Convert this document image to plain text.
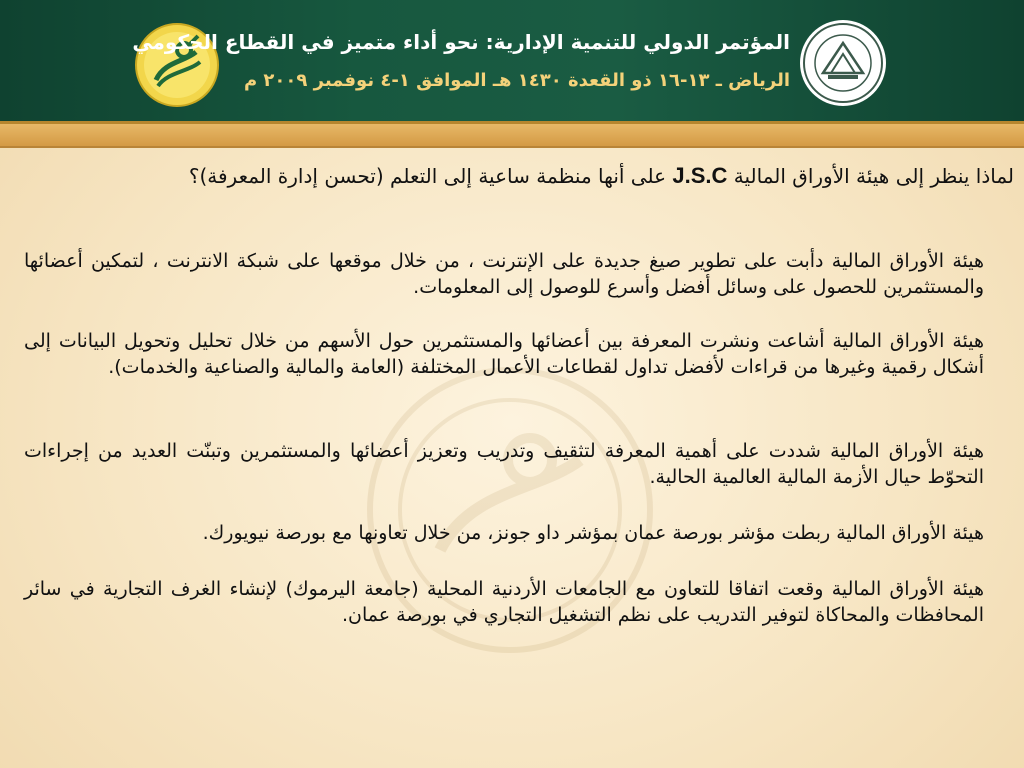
المؤتمر الدولي للتنمية الإدارية: نحو أداء متميز في القطاع الحكومي
الرياض ـ ١٣-١٦ ذو القعدة ١٤٣٠ هـ الموافق ١-٤ نوفمبر ٢٠٠٩ م
لماذا ينظر إلى هيئة الأوراق المالية J.S.C على أنها منظمة ساعية إلى التعلم (تحسن إدارة المعرفة)؟
هيئة الأوراق المالية دأبت على تطوير صيغ جديدة على الإنترنت ، من خلال موقعها على شبكة الانترنت ، لتمكين أعضائها والمستثمرين للحصول على وسائل أفضل وأسرع للوصول إلى المعلومات.
هيئة الأوراق المالية أشاعت ونشرت المعرفة بين أعضائها والمستثمرين حول الأسهم من خلال تحليل وتحويل البيانات إلى أشكال رقمية وغيرها من قراءات لأفضل تداول لقطاعات الأعمال المختلفة (العامة والمالية والصناعية والخدمات).
هيئة الأوراق المالية شددت على أهمية المعرفة لتثقيف وتدريب وتعزيز أعضائها والمستثمرين وتبنّت العديد من إجراءات التحوّط حيال الأزمة المالية العالمية الحالية.
هيئة الأوراق المالية ربطت مؤشر بورصة عمان بمؤشر داو جونز، من خلال تعاونها مع بورصة نيويورك.
هيئة الأوراق المالية وقعت اتفاقا للتعاون مع الجامعات الأردنية المحلية (جامعة اليرموك) لإنشاء الغرف التجارية في سائر المحافظات والمحاكاة لتوفير التدريب على نظم التشغيل التجاري في بورصة عمان.
